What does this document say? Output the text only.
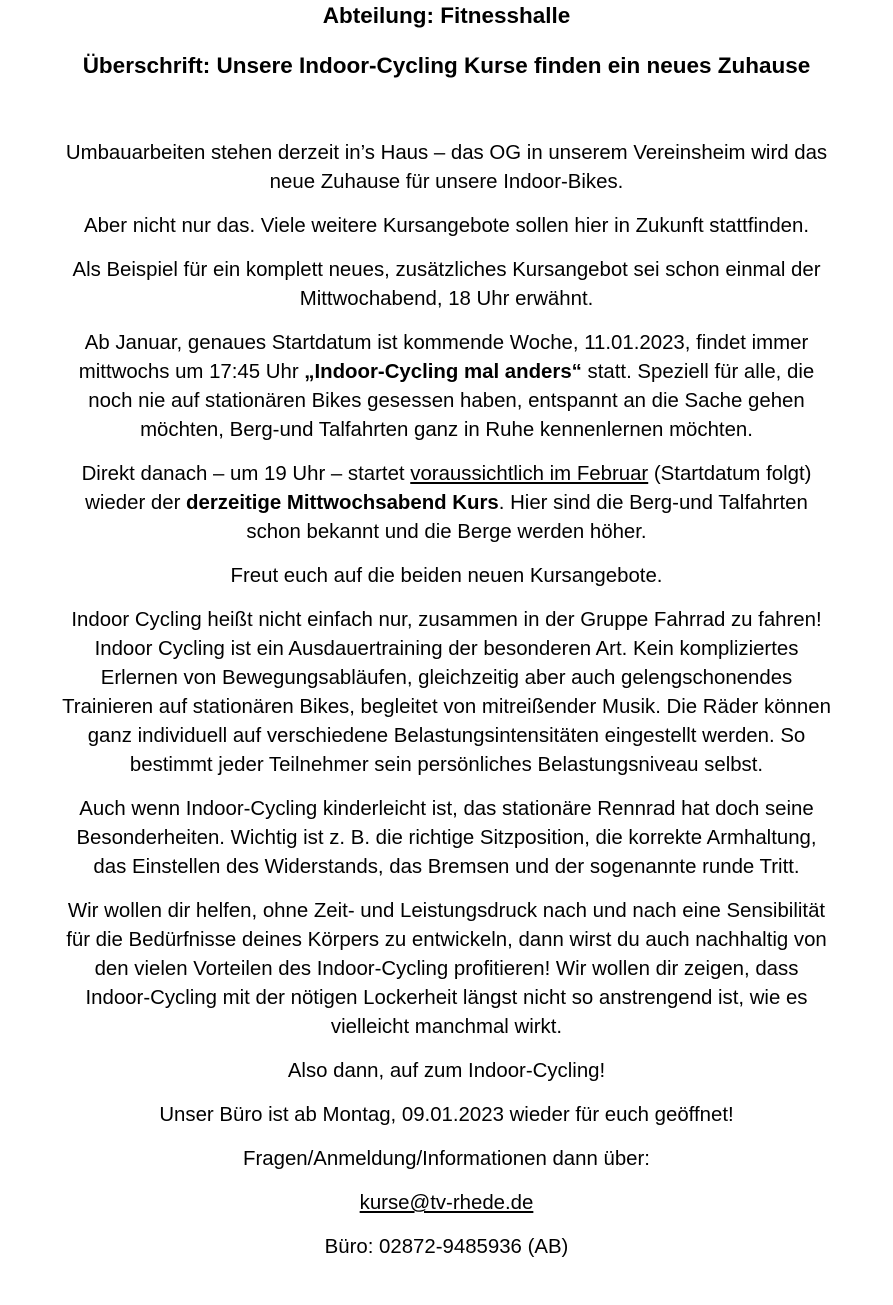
Abteilung: Fitnesshalle
Überschrift: Unsere Indoor-Cycling Kurse finden ein neues Zuhause

Umbauarbeiten stehen derzeit in’s Haus – das OG in unserem Vereinsheim wird das
neue Zuhause für unsere Indoor-Bikes.

Aber nicht nur das. Viele weitere Kursangebote sollen hier in Zukunft stattfinden.

Als Beispiel für ein komplett neues, zusätzliches Kursangebot sei schon einmal der
Mittwochabend, 18 Uhr erwähnt.

Ab Januar, genaues Startdatum ist kommende Woche, 11.01.2023, findet immer
mittwochs um 17:45 Uhr „Indoor-Cycling mal anders“ statt. Speziell für alle, die
noch nie auf stationären Bikes gesessen haben, entspannt an die Sache gehen
möchten, Berg-und Talfahrten ganz in Ruhe kennenlernen möchten.

Direkt danach – um 19 Uhr – startet voraussichtlich im Februar (Startdatum folgt)
wieder der derzeitige Mittwochsabend Kurs. Hier sind die Berg-und Talfahrten
schon bekannt und die Berge werden höher.

Freut euch auf die beiden neuen Kursangebote.

Indoor Cycling heißt nicht einfach nur, zusammen in der Gruppe Fahrrad zu fahren!
Indoor Cycling ist ein Ausdauertraining der besonderen Art. Kein kompliziertes
Erlernen von Bewegungsabläufen, gleichzeitig aber auch gelengschonendes
Trainieren auf stationären Bikes, begleitet von mitreißender Musik. Die Räder können
ganz individuell auf verschiedene Belastungsintensitäten eingestellt werden. So
bestimmt jeder Teilnehmer sein persönliches Belastungsniveau selbst.

Auch wenn Indoor-Cycling kinderleicht ist, das stationäre Rennrad hat doch seine
Besonderheiten. Wichtig ist z. B. die richtige Sitzposition, die korrekte Armhaltung,
das Einstellen des Widerstands, das Bremsen und der sogenannte runde Tritt.

Wir wollen dir helfen, ohne Zeit- und Leistungsdruck nach und nach eine Sensibilität
für die Bedürfnisse deines Körpers zu entwickeln, dann wirst du auch nachhaltig von
den vielen Vorteilen des Indoor-Cycling profitieren! Wir wollen dir zeigen, dass
Indoor-Cycling mit der nötigen Lockerheit längst nicht so anstrengend ist, wie es
vielleicht manchmal wirkt.

Also dann, auf zum Indoor-Cycling!

Unser Büro ist ab Montag, 09.01.2023 wieder für euch geöffnet!

Fragen/Anmeldung/Informationen dann über:

kurse@tv-rhede.de

Büro: 02872-9485936 (AB)
